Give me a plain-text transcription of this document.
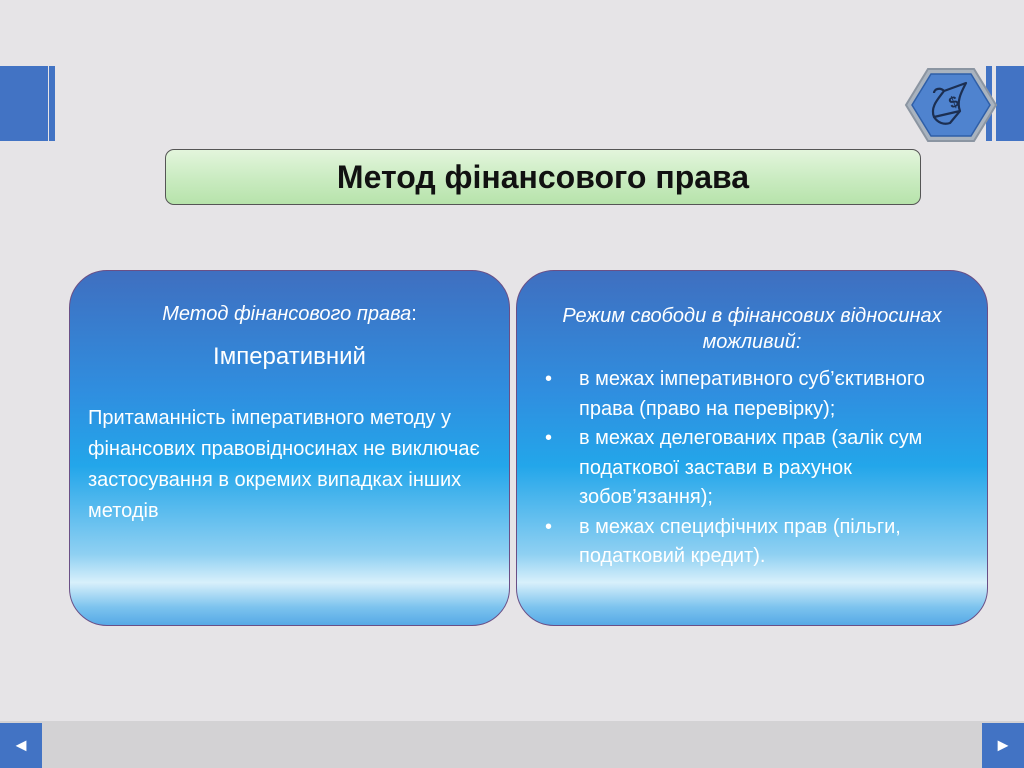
$
Метод фінансового права
Метод фінансового права:
Імперативний
Притаманність імперативного методу у фінансових правовідносинах не виключає застосування в окремих випадках інших методів
Режим свободи в фінансових відносинах можливий:
• в межах імперативного суб’єктивного права (право на перевірку);
• в межах делегованих прав (залік сум податкової застави в рахунок зобов’язання);
• в межах специфічних прав (пільги, податковий кредит).
◄	►
